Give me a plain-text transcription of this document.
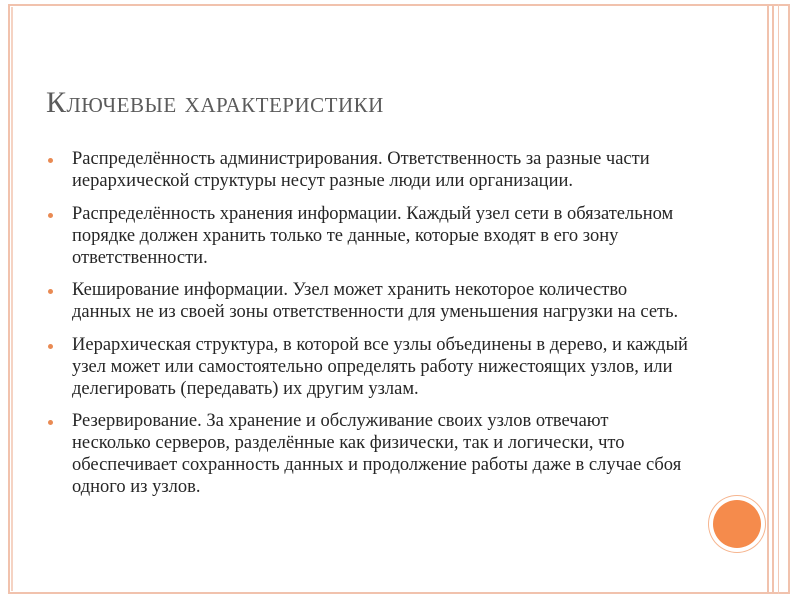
Ключевые характеристики
Распределённость администрирования. Ответственность за разные части иерархической структуры несут разные люди или организации.
Распределённость хранения информации. Каждый узел сети в обязательном порядке должен хранить только те данные, которые входят в его зону ответственности.
Кеширование информации. Узел может хранить некоторое количество данных не из своей зоны ответственности для уменьшения нагрузки на сеть.
Иерархическая структура, в которой все узлы объединены в дерево, и каждый узел может или самостоятельно определять работу нижестоящих узлов, или делегировать (передавать) их другим узлам.
Резервирование. За хранение и обслуживание своих узлов отвечают несколько серверов, разделённые как физически, так и логически, что обеспечивает сохранность данных и продолжение работы даже в случае сбоя одного из узлов.
